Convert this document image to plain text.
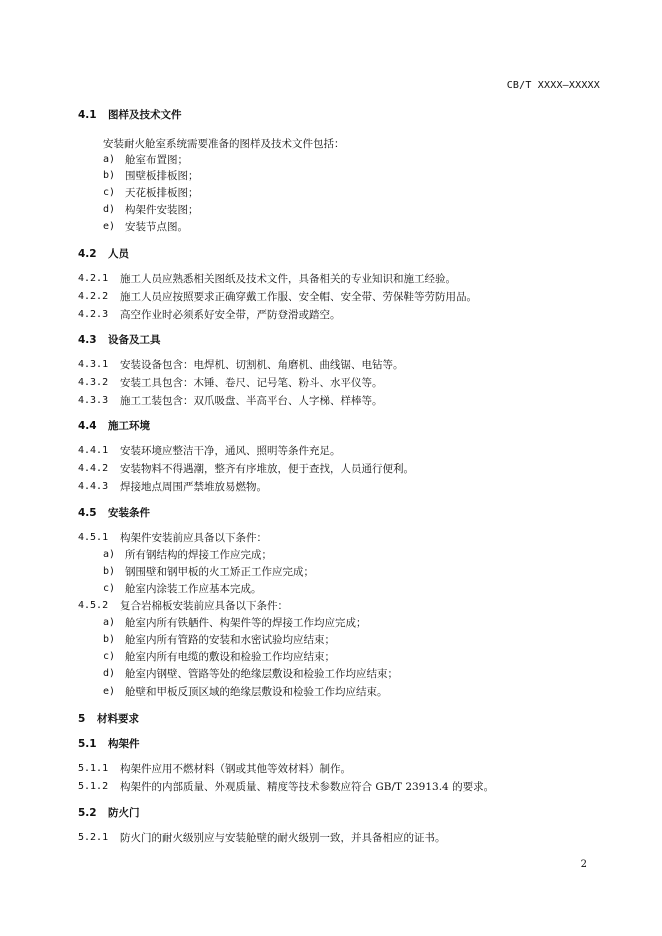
CB/T XXXX—XXXXX
4.1 图样及技术文件
安装耐火舱室系统需要准备的图样及技术文件包括：
a) 舱室布置图；
b) 围壁板排板图；
c) 天花板排板图；
d) 构架件安装图；
e) 安装节点图。
4.2 人员
4.2.1 施工人员应熟悉相关图纸及技术文件，具备相关的专业知识和施工经验。
4.2.2 施工人员应按照要求正确穿戴工作服、安全帽、安全带、劳保鞋等劳防用品。
4.2.3 高空作业时必须系好安全带，严防登滑或踏空。
4.3 设备及工具
4.3.1 安装设备包含：电焊机、切割机、角磨机、曲线锯、电钻等。
4.3.2 安装工具包含：木锤、卷尺、记号笔、粉斗、水平仪等。
4.3.3 施工工装包含：双爪吸盘、半高平台、人字梯、样棒等。
4.4 施工环境
4.4.1 安装环境应整洁干净，通风、照明等条件充足。
4.4.2 安装物料不得遇潮，整齐有序堆放，便于查找，人员通行便利。
4.4.3 焊接地点周围严禁堆放易燃物。
4.5 安装条件
4.5.1 构架件安装前应具备以下条件：
a) 所有钢结构的焊接工作应完成；
b) 钢围壁和钢甲板的火工矫正工作应完成；
c) 舱室内涂装工作应基本完成。
4.5.2 复合岩棉板安装前应具备以下条件：
a) 舱室内所有铁舾件、构架件等的焊接工作均应完成；
b) 舱室内所有管路的安装和水密试验均应结束；
c) 舱室内所有电缆的敷设和检验工作均应结束；
d) 舱室内钢壁、管路等处的绝缘层敷设和检验工作均应结束；
e) 舱壁和甲板反顶区域的绝缘层敷设和检验工作均应结束。
5 材料要求
5.1 构架件
5.1.1 构架件应用不燃材料（钢或其他等效材料）制作。
5.1.2 构架件的内部质量、外观质量、精度等技术参数应符合 GB/T 23913.4 的要求。
5.2 防火门
5.2.1 防火门的耐火级别应与安装舱壁的耐火级别一致，并具备相应的证书。
2
